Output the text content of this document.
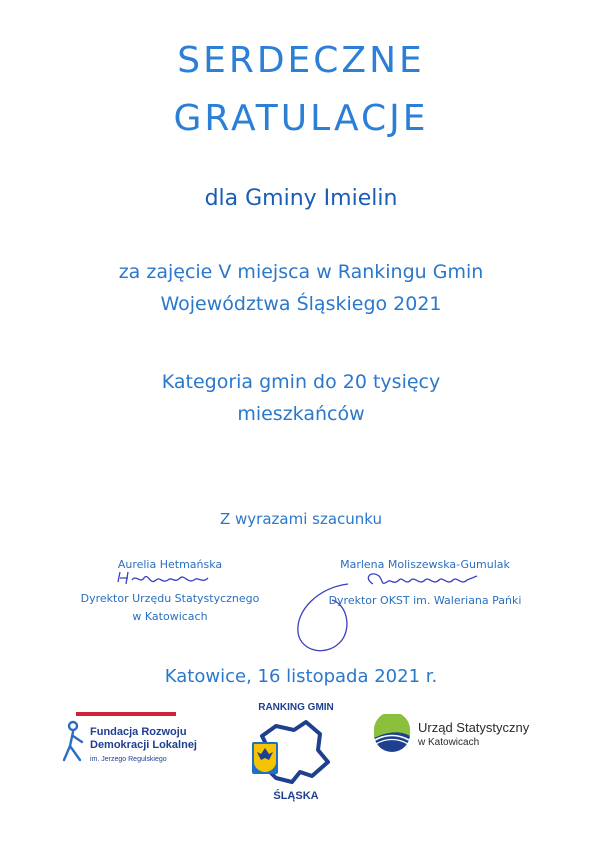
SERDECZNE
GRATULACJE
dla Gminy Imielin
za zajęcie V miejsca w Rankingu Gmin
Województwa Śląskiego 2021
Kategoria gmin do 20 tysięcy
mieszkańców
Z wyrazami szacunku
Aurelia Hetmańska
Dyrektor Urzędu Statystycznego
w Katowicach
Marlena Moliszewska-Gumulak
Dyrektor OKST im. Waleriana Pańki
Katowice, 16 listopada 2021 r.
Fundacja Rozwoju
Demokracji Lokalnej
im. Jerzego Regulskiego
RANKING GMIN
ŚLĄSKA
Urząd Statystyczny
w Katowicach
